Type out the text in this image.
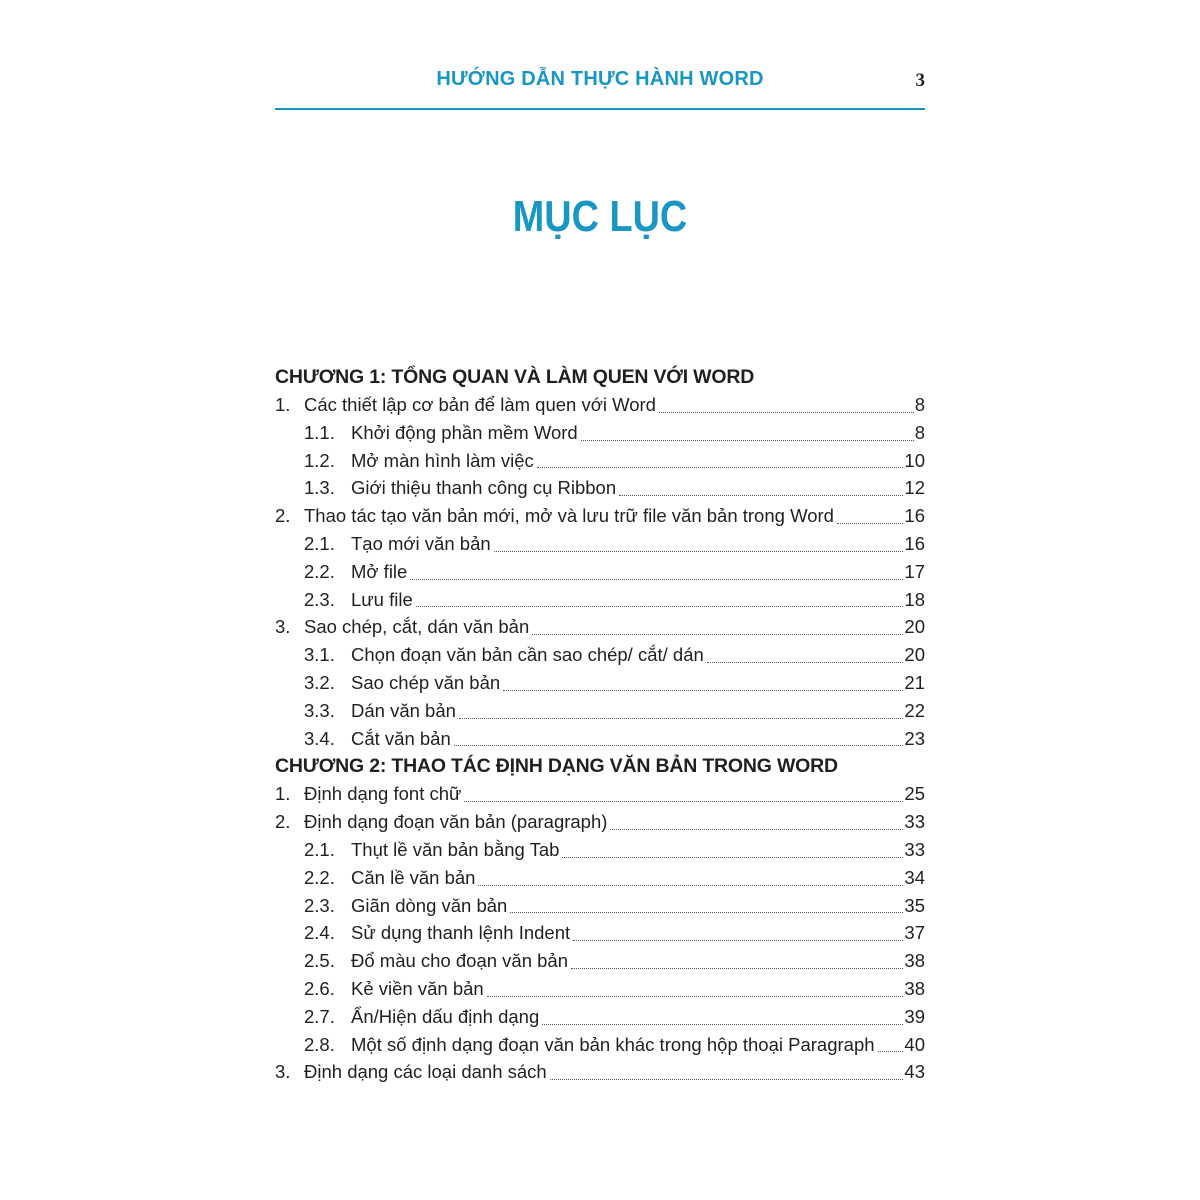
HƯỚNG DẪN THỰC HÀNH WORD	3
MỤC LỤC
CHƯƠNG 1: TỔNG QUAN VÀ LÀM QUEN VỚI WORD
1. Các thiết lập cơ bản để làm quen với Word	8
1.1. Khởi động phần mềm Word	8
1.2. Mở màn hình làm việc	10
1.3. Giới thiệu thanh công cụ Ribbon	12
2. Thao tác tạo văn bản mới, mở và lưu trữ file văn bản trong Word	16
2.1. Tạo mới văn bản	16
2.2. Mở file	17
2.3. Lưu file	18
3. Sao chép, cắt, dán văn bản	20
3.1. Chọn đoạn văn bản cần sao chép/ cắt/ dán	20
3.2. Sao chép văn bản	21
3.3. Dán văn bản	22
3.4. Cắt văn bản	23
CHƯƠNG 2: THAO TÁC ĐỊNH DẠNG VĂN BẢN TRONG WORD
1. Định dạng font chữ	25
2. Định dạng đoạn văn bản (paragraph)	33
2.1. Thụt lề văn bản bằng Tab	33
2.2. Căn lề văn bản	34
2.3. Giãn dòng văn bản	35
2.4. Sử dụng thanh lệnh Indent	37
2.5. Đổ màu cho đoạn văn bản	38
2.6. Kẻ viền văn bản	38
2.7. Ẩn/Hiện dấu định dạng	39
2.8. Một số định dạng đoạn văn bản khác trong hộp thoại Paragraph 40
3. Định dạng các loại danh sách	43
